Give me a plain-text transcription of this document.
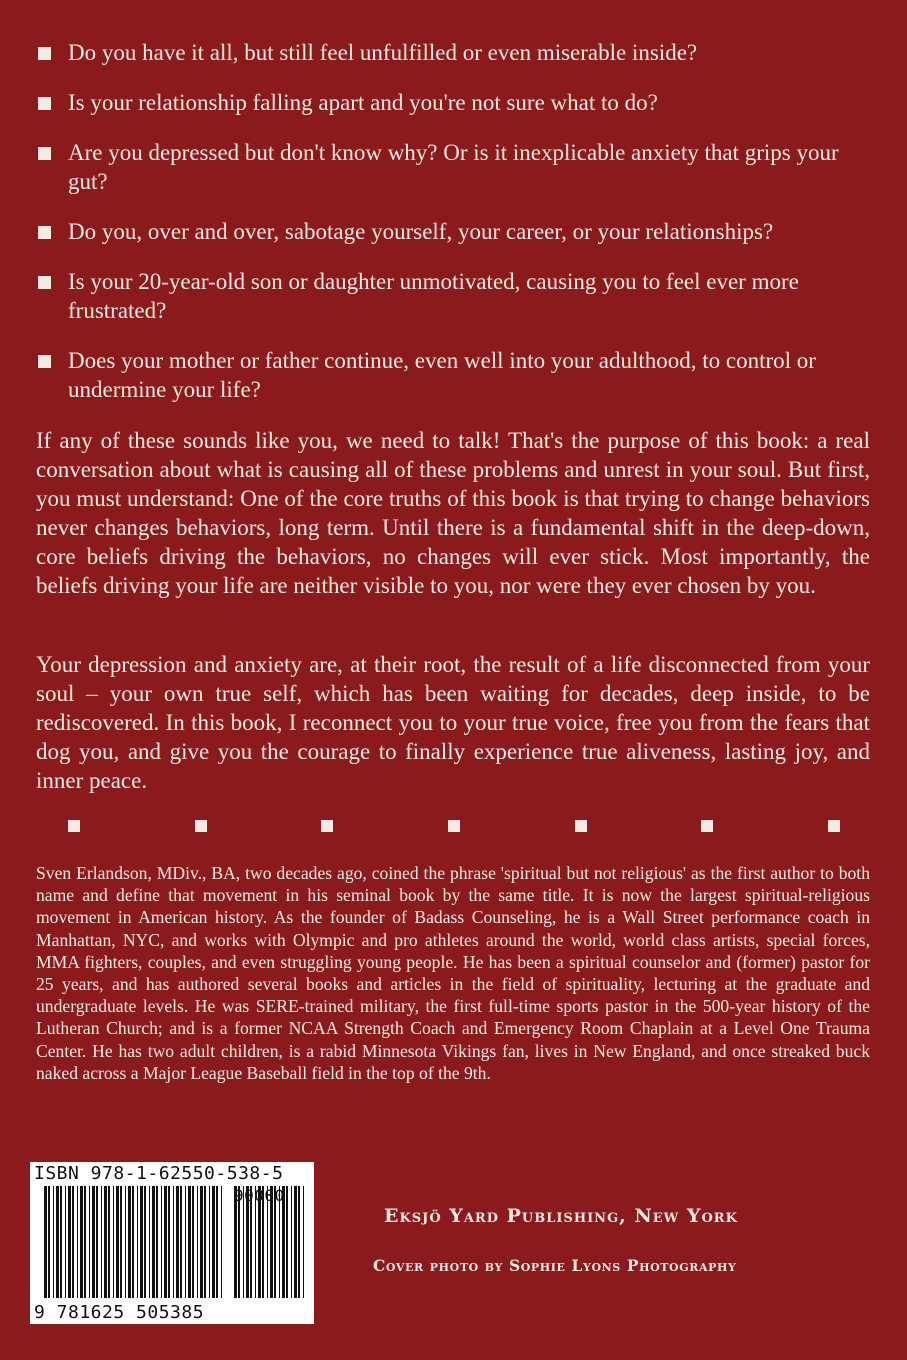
Do you have it all, but still feel unfulfilled or even miserable inside?
Is your relationship falling apart and you're not sure what to do?
Are you depressed but don't know why? Or is it inexplicable anxiety that grips your gut?
Do you, over and over, sabotage yourself, your career, or your relationships?
Is your 20-year-old son or daughter unmotivated, causing you to feel ever more frustrated?
Does your mother or father continue, even well into your adulthood, to control or undermine your life?
If any of these sounds like you, we need to talk! That's the purpose of this book: a real conversation about what is causing all of these problems and unrest in your soul. But first, you must understand: One of the core truths of this book is that trying to change behaviors never changes behaviors, long term. Until there is a fundamental shift in the deep-down, core beliefs driving the behaviors, no changes will ever stick. Most importantly, the beliefs driving your life are neither visible to you, nor were they ever chosen by you.
Your depression and anxiety are, at their root, the result of a life disconnected from your soul – your own true self, which has been waiting for decades, deep inside, to be rediscovered. In this book, I reconnect you to your true voice, free you from the fears that dog you, and give you the courage to finally experience true aliveness, lasting joy, and inner peace.
Sven Erlandson, MDiv., BA, two decades ago, coined the phrase 'spiritual but not religious' as the first author to both name and define that movement in his seminal book by the same title. It is now the largest spiritual-religious movement in American history. As the founder of Badass Counseling, he is a Wall Street performance coach in Manhattan, NYC, and works with Olympic and pro athletes around the world, world class artists, special forces, MMA fighters, couples, and even struggling young people. He has been a spiritual counselor and (former) pastor for 25 years, and has authored several books and articles in the field of spirituality, lecturing at the graduate and undergraduate levels. He was SERE-trained military, the first full-time sports pastor in the 500-year history of the Lutheran Church; and is a former NCAA Strength Coach and Emergency Room Chaplain at a Level One Trauma Center. He has two adult children, is a rabid Minnesota Vikings fan, lives in New England, and once streaked buck naked across a Major League Baseball field in the top of the 9th.
ISBN 978-1-62550-538-5
90000
9 781625 505385
Eksjö Yard Publishing, New York
Cover photo by Sophie Lyons Photography
